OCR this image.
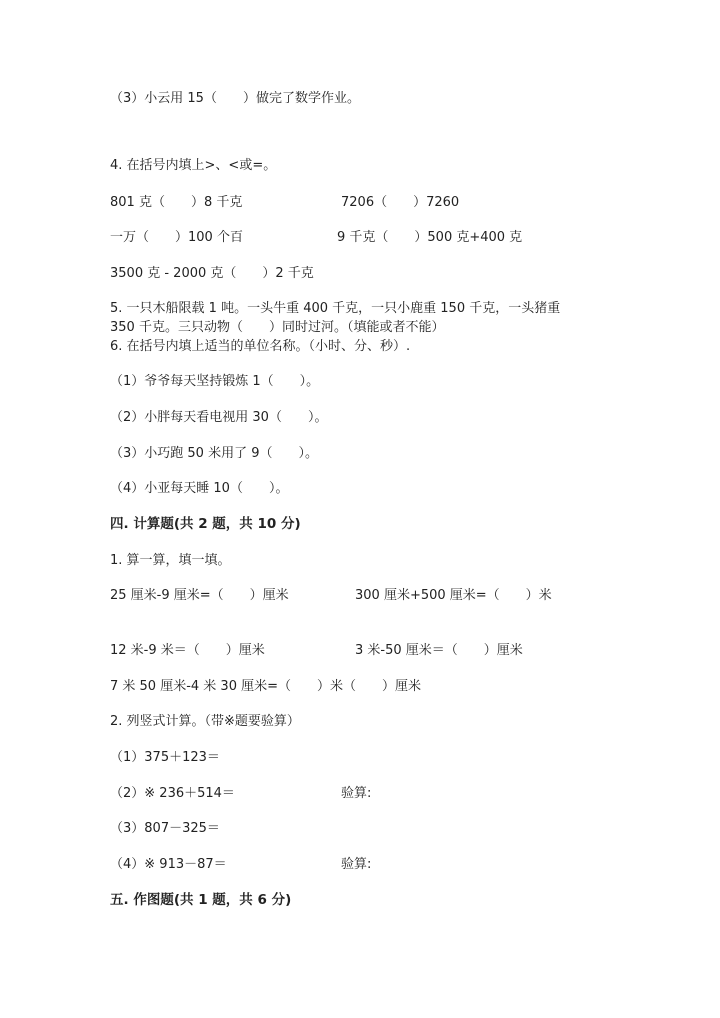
（3）小云用 15（　　）做完了数学作业。
4. 在括号内填上>、<或=。
801 克（　　）8 千克	7206（　　）7260
一万（　　）100 个百	9 千克（　　）500 克+400 克
3500 克 - 2000 克（　　）2 千克
5. 一只木船限载 1 吨。一头牛重 400 千克，一只小鹿重 150 千克，一头猪重
350 千克。三只动物（　　）同时过河。（填能或者不能）
6. 在括号内填上适当的单位名称。（小时、分、秒）.
（1）爷爷每天坚持锻炼 1（　　）。
（2）小胖每天看电视用 30（　　）。
（3）小巧跑 50 米用了 9（　　）。
（4）小亚每天睡 10（　　）。
四. 计算题(共 2 题，共 10 分)
1. 算一算，填一填。
25 厘米-9 厘米=（　　）厘米	300 厘米+500 厘米=（　　）米
12 米-9 米＝（　　）厘米	3 米-50 厘米＝（　　）厘米
7 米 50 厘米-4 米 30 厘米=（　　）米（　　）厘米
2. 列竖式计算。（带※题要验算）
（1）375＋123＝
（2）※ 236＋514＝	验算:
（3）807－325＝
（4）※ 913－87＝	验算:
五. 作图题(共 1 题，共 6 分)
